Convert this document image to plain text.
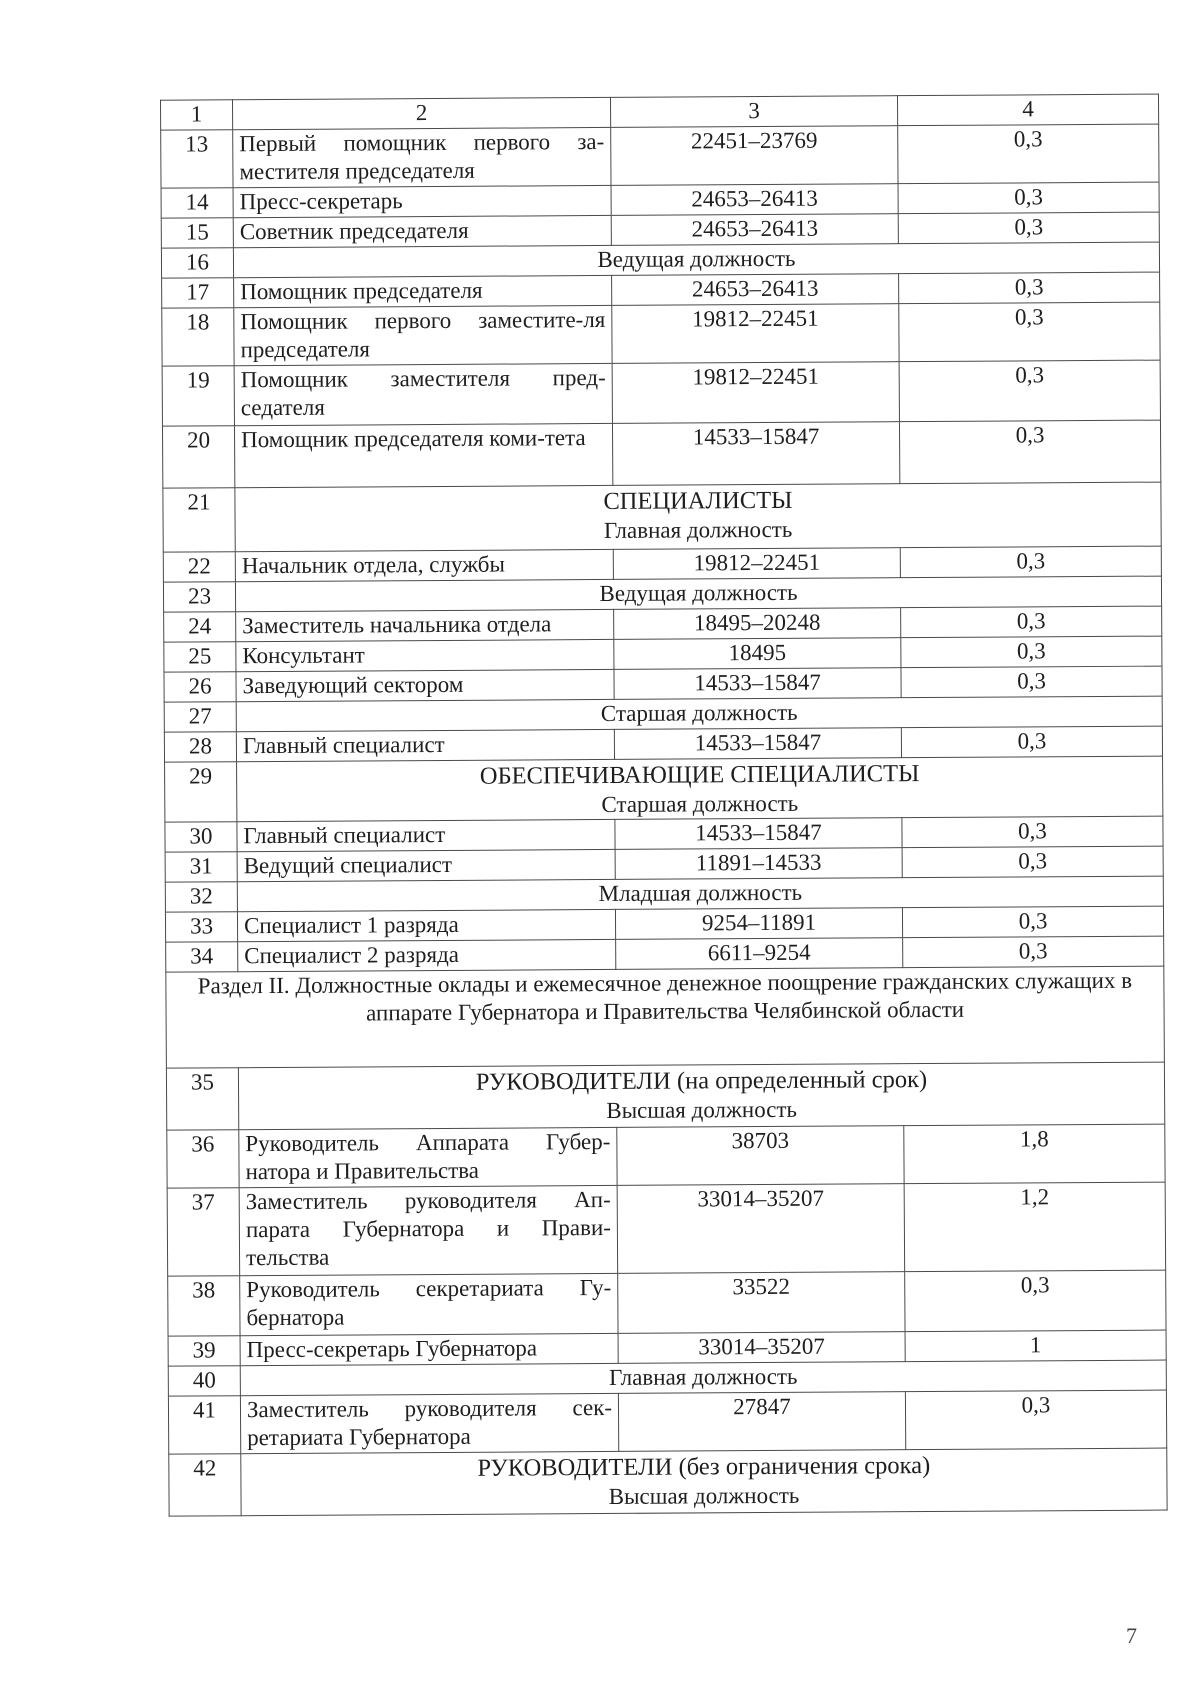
1	2	3	4
13	Первый помощник первого за-местителя председателя	22451–23769	0,3
14	Пресс-секретарь	24653–26413	0,3
15	Советник председателя	24653–26413	0,3
16	Ведущая должность		
17	Помощник председателя	24653–26413	0,3
18	Помощник первого заместите-ля председателя	19812–22451	0,3
19	Помощник заместителя пред-седателя	19812–22451	0,3
20	Помощник председателя коми-тета	14533–15847	0,3
21	СПЕЦИАЛИСТЫ
Главная должность		

22	Начальник отдела, службы	19812–22451	0,3
23	Ведущая должность		
24	Заместитель начальника отдела	18495–20248	0,3
25	Консультант	18495	0,3
26	Заведующий сектором	14533–15847	0,3
27	Старшая должность		
28	Главный специалист	14533–15847	0,3
29	ОБЕСПЕЧИВАЮЩИЕ СПЕЦИАЛИСТЫ
Старшая должность		

30	Главный специалист	14533–15847	0,3
31	Ведущий специалист	11891–14533	0,3
32	Младшая должность		
33	Специалист 1 разряда	9254–11891	0,3
34	Специалист 2 разряда	6611–9254	0,3
Раздел II. Должностные оклады и ежемесячное денежное поощрение гражданских служащих в аппарате Губернатора и Правительства Челябинской области			
35	РУКОВОДИТЕЛИ (на определенный срок)
Высшая должность		

36	Руководитель Аппарата Губер-натора и Правительства	38703	1,8
37	Заместитель руководителя Ап-парата Губернатора и Прави-тельства	33014–35207	1,2
38	Руководитель секретариата Гу-бернатора	33522	0,3
39	Пресс-секретарь Губернатора	33014–35207	1
40	Главная должность		
41	Заместитель руководителя сек-ретариата Губернатора	27847	0,3
42	РУКОВОДИТЕЛИ (без ограничения срока)
Высшая должность		
7
